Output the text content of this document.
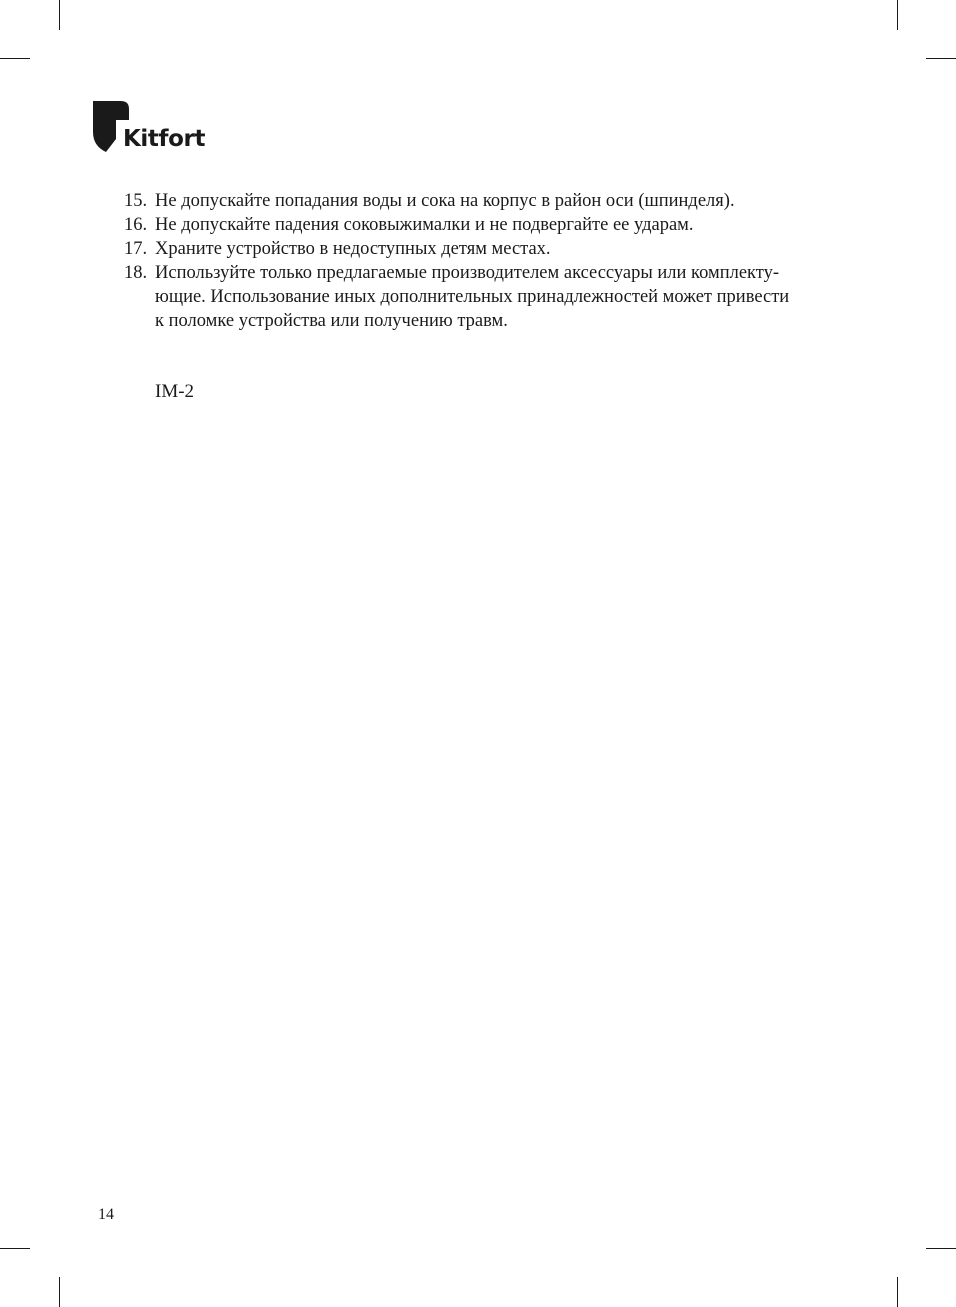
Kitfort
15. Не допускайте попадания воды и сока на корпус в район оси (шпинделя).
16. Не допускайте падения соковыжималки и не подвергайте ее ударам.
17. Храните устройство в недоступных детям местах.
18. Используйте только предлагаемые производителем аксессуары или комплекту-
ющие. Использование иных дополнительных принадлежностей может привести
к поломке устройства или получению травм.
IM-2
14
